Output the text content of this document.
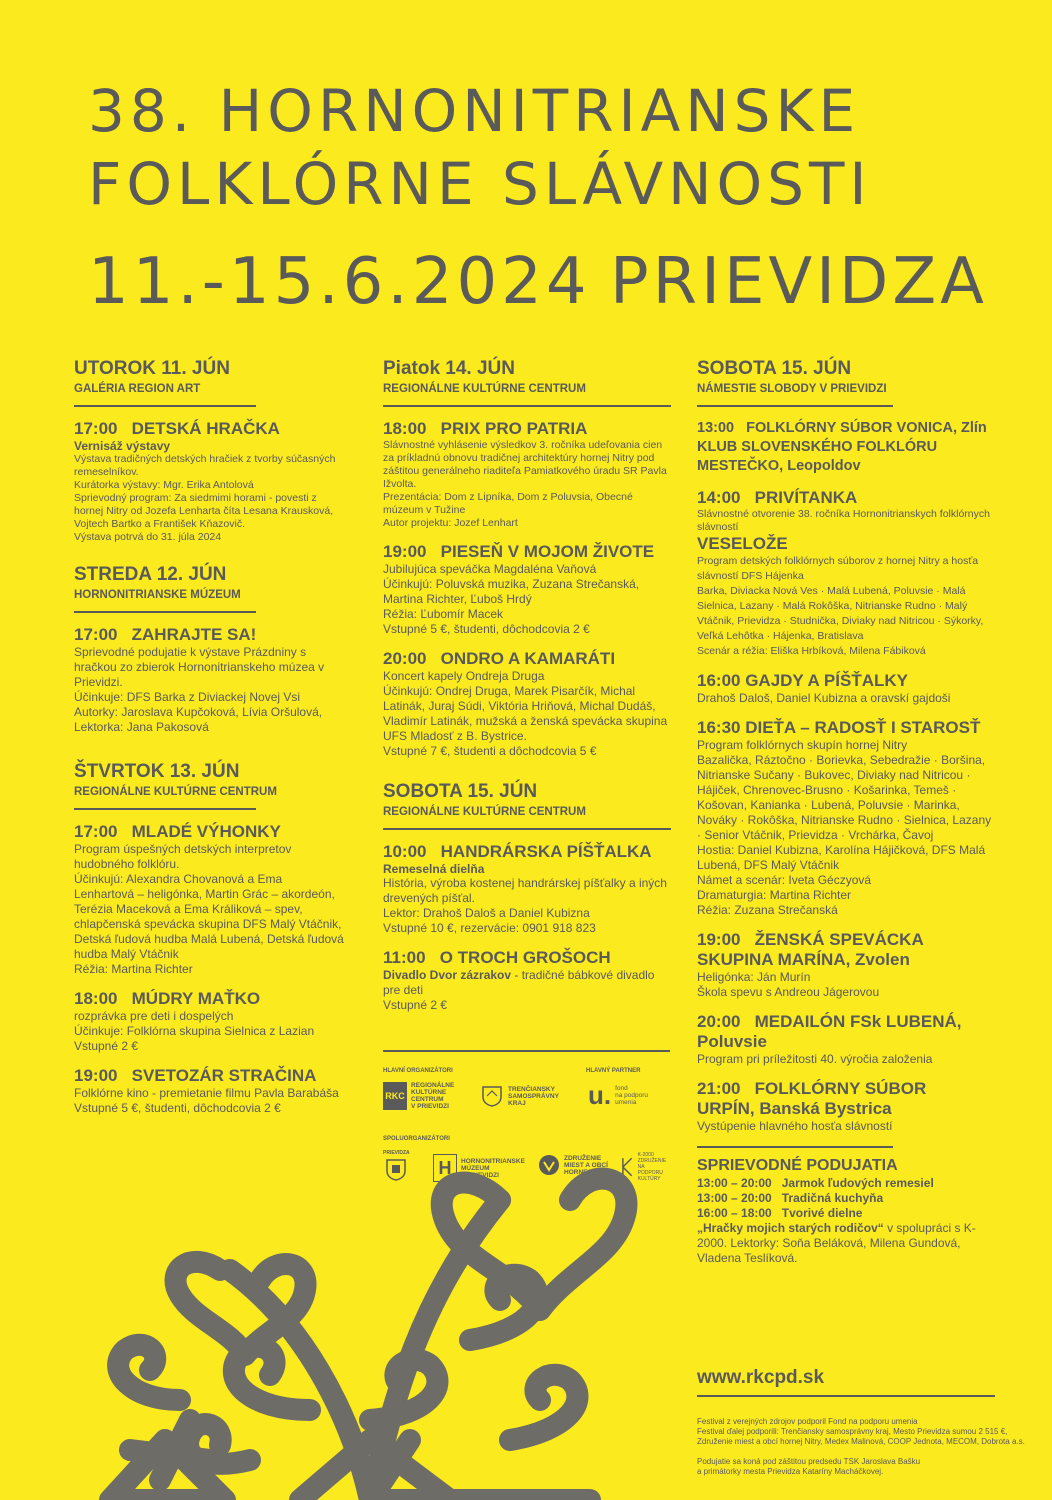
38. HORNONITRIANSKE
FOLKLÓRNE SLÁVNOSTI
11.-15.6.2024 PRIEVIDZA
UTOROK 11. JÚN
GALÉRIA REGION ART
17:00   DETSKÁ HRAČKA
Vernisáž výstavy
Výstava tradičných detských hračiek z tvorby súčasných remeselníkov.
Kurátorka výstavy: Mgr. Erika Antolová
Sprievodný program: Za siedmimi horami - povesti z hornej Nitry od Jozefa Lenharta číta Lesana Krausková, Vojtech Bartko a František Kňazovič.
Výstava potrvá do 31. júla 2024
STREDA 12. JÚN
HORNONITRIANSKE MÚZEUM
17:00   ZAHRAJTE SA!
Sprievodné podujatie k výstave Prázdniny s hračkou zo zbierok Hornonitrianskeho múzea v Prievidzi.
Účinkuje: DFS Barka z Diviackej Novej Vsi
Autorky: Jaroslava Kupčoková, Lívia Oršulová,
Lektorka: Jana Pakosová
ŠTVRTOK 13. JÚN
REGIONÁLNE KULTÚRNE CENTRUM
17:00   MLADÉ VÝHONKY
Program úspešných detských interpretov hudobného folklóru.
Účinkujú: Alexandra Chovanová a Ema Lenhartová – heligónka, Martin Grác – akordeón, Terézia Maceková a Ema Králiková – spev, chlapčenská spevácka skupina DFS Malý Vtáčnik, Detská ľudová hudba Malá Lubená, Detská ľudová hudba Malý Vtáčnik
Réžia: Martina Richter
18:00   MÚDRY MAŤKO
rozprávka pre deti i dospelých
Účinkuje: Folklórna skupina Sielnica z Lazian
Vstupné 2 €
19:00   SVETOZÁR STRAČINA
Folklórne kino - premietanie filmu Pavla Barabáša
Vstupné 5 €, študenti, dôchodcovia 2 €
Piatok 14. JÚN
REGIONÁLNE KULTÚRNE CENTRUM
18:00   PRIX PRO PATRIA
Slávnostné vyhlásenie výsledkov 3. ročníka udeľovania cien za príkladnú obnovu tradičnej architektúry hornej Nitry pod záštitou generálneho riaditeľa Pamiatkového úradu SR Pavla Ižvolta.
Prezentácia: Dom z Lipníka, Dom z Poluvsia, Obecné múzeum v Tužine
Autor projektu: Jozef Lenhart
19:00   PIESEŇ V MOJOM ŽIVOTE
Jubilujúca speváčka Magdaléna Vaňová
Účinkujú: Poluvská muzika, Zuzana Strečanská, Martina Richter, Ľuboš Hrdý
Réžia: Ľubomír Macek
Vstupné 5 €, študenti, dôchodcovia 2 €
20:00   ONDRO A KAMARÁTI
Koncert kapely Ondreja Druga
Účinkujú: Ondrej Druga, Marek Pisarčík, Michal Latinák, Juraj Súdi, Viktória Hriňová, Michal Dudáš, Vladimír Latinák, mužská a ženská spevácka skupina UFS Mladosť z B. Bystrice.
Vstupné 7 €, študenti a dôchodcovia 5 €
SOBOTA 15. JÚN
REGIONÁLNE KULTÚRNE CENTRUM
10:00   HANDRÁRSKA PÍŠŤALKA
Remeselná dielňa
História, výroba kostenej handrárskej píšťalky a iných drevených píšťal.
Lektor: Drahoš Daloš a Daniel Kubizna
Vstupné 10 €, rezervácie: 0901 918 823
11:00   O TROCH GROŠOCH
Divadlo Dvor zázrakov - tradičné bábkové divadlo pre deti
Vstupné 2 €
HLAVNÍ ORGANIZÁTORI	HLAVNÝ PARTNER
RKC
REGIONÁLNE
KULTÚRNE
CENTRUM
V PRIEVIDZI
TRENČIANSKY
SAMOSPRÁVNY
KRAJ	u. fond
na podporu
umenia
SPOLUORGANIZÁTORI
PRIEVIDZA
H	HORNONITRIANSKE
MÚZEUM
V PRIEVIDZI
ZDRUŽENIE
MIEST A OBCÍ
HORNEJ NITRY
K-2000
ZDRUŽENIE
NA PODPORU
KULTÚRY
SOBOTA 15. JÚN
NÁMESTIE SLOBODY V PRIEVIDZI
13:00   FOLKLÓRNY SÚBOR VONICA, Zlín
KLUB SLOVENSKÉHO FOLKLÓRU
MESTEČKO, Leopoldov
14:00   PRIVÍTANKA
Slávnostné otvorenie 38. ročníka Hornonitrianskych folklórnych slávností
VESELOŽE
Program detských folklórnych súborov z hornej Nitry a hosťa slávností DFS Hájenka
Barka, Diviacka Nová Ves · Malá Lubená, Poluvsie · Malá Sielnica, Lazany · Malá Rokôška, Nitrianske Rudno · Malý Vtáčnik, Prievidza · Studnička, Diviaky nad Nitricou · Sýkorky, Veľká Lehôtka · Hájenka, Bratislava
Scenár a réžia: Eliška Hrbíková, Milena Fábiková
16:00 GAJDY A PÍŠŤALKY
Drahoš Daloš, Daniel Kubizna a oravskí gajdoši
16:30 DIEŤA – RADOSŤ I STAROSŤ
Program folklórnych skupín hornej Nitry
Bazalička, Ráztočno · Borievka, Sebedražie · Boršina, Nitrianske Sučany · Bukovec, Diviaky nad Nitricou · Hájiček, Chrenovec-Brusno · Košarinka, Temeš · Košovan, Kanianka · Lubená, Poluvsie · Marinka, Nováky · Rokôška, Nitrianske Rudno · Sielnica, Lazany · Senior Vtáčnik, Prievidza · Vrchárka, Čavoj
Hostia: Daniel Kubizna, Karolína Hájičková, DFS Malá Lubená, DFS Malý Vtáčnik
Námet a scenár: Iveta Géczyová
Dramaturgia: Martina Richter
Réžia: Zuzana Strečanská
19:00   ŽENSKÁ SPEVÁCKA
SKUPINA MARÍNA, Zvolen
Heligónka: Ján Murín
Škola spevu s Andreou Jágerovou
20:00   MEDAILÓN FSk LUBENÁ,
Poluvsie
Program pri príležitosti 40. výročia založenia
21:00   FOLKLÓRNY SÚBOR
URPÍN, Banská Bystrica
Vystúpenie hlavného hosťa slávností
SPRIEVODNÉ PODUJATIA
13:00 – 20:00 Jarmok ľudových remesiel
13:00 – 20:00 Tradičná kuchyňa
16:00 – 18:00 Tvorivé dielne
„Hračky mojich starých rodičov“ v spolupráci s K-2000. Lektorky: Soňa Beláková, Milena Gundová, Vladena Teslíková.
www.rkcpd.sk
Festival z verejných zdrojov podporil Fond na podporu umenia
Festival ďalej podporili: Trenčiansky samosprávny kraj, Mesto Prievidza sumou 2 515 €,
Združenie miest a obcí hornej Nitry, Medex Malinová, COOP Jednota, MECOM, Dobrota a.s.
Podujatie sa koná pod záštitou predsedu TSK Jaroslava Bašku
a primátorky mesta Prievidza Kataríny Macháčkovej.
